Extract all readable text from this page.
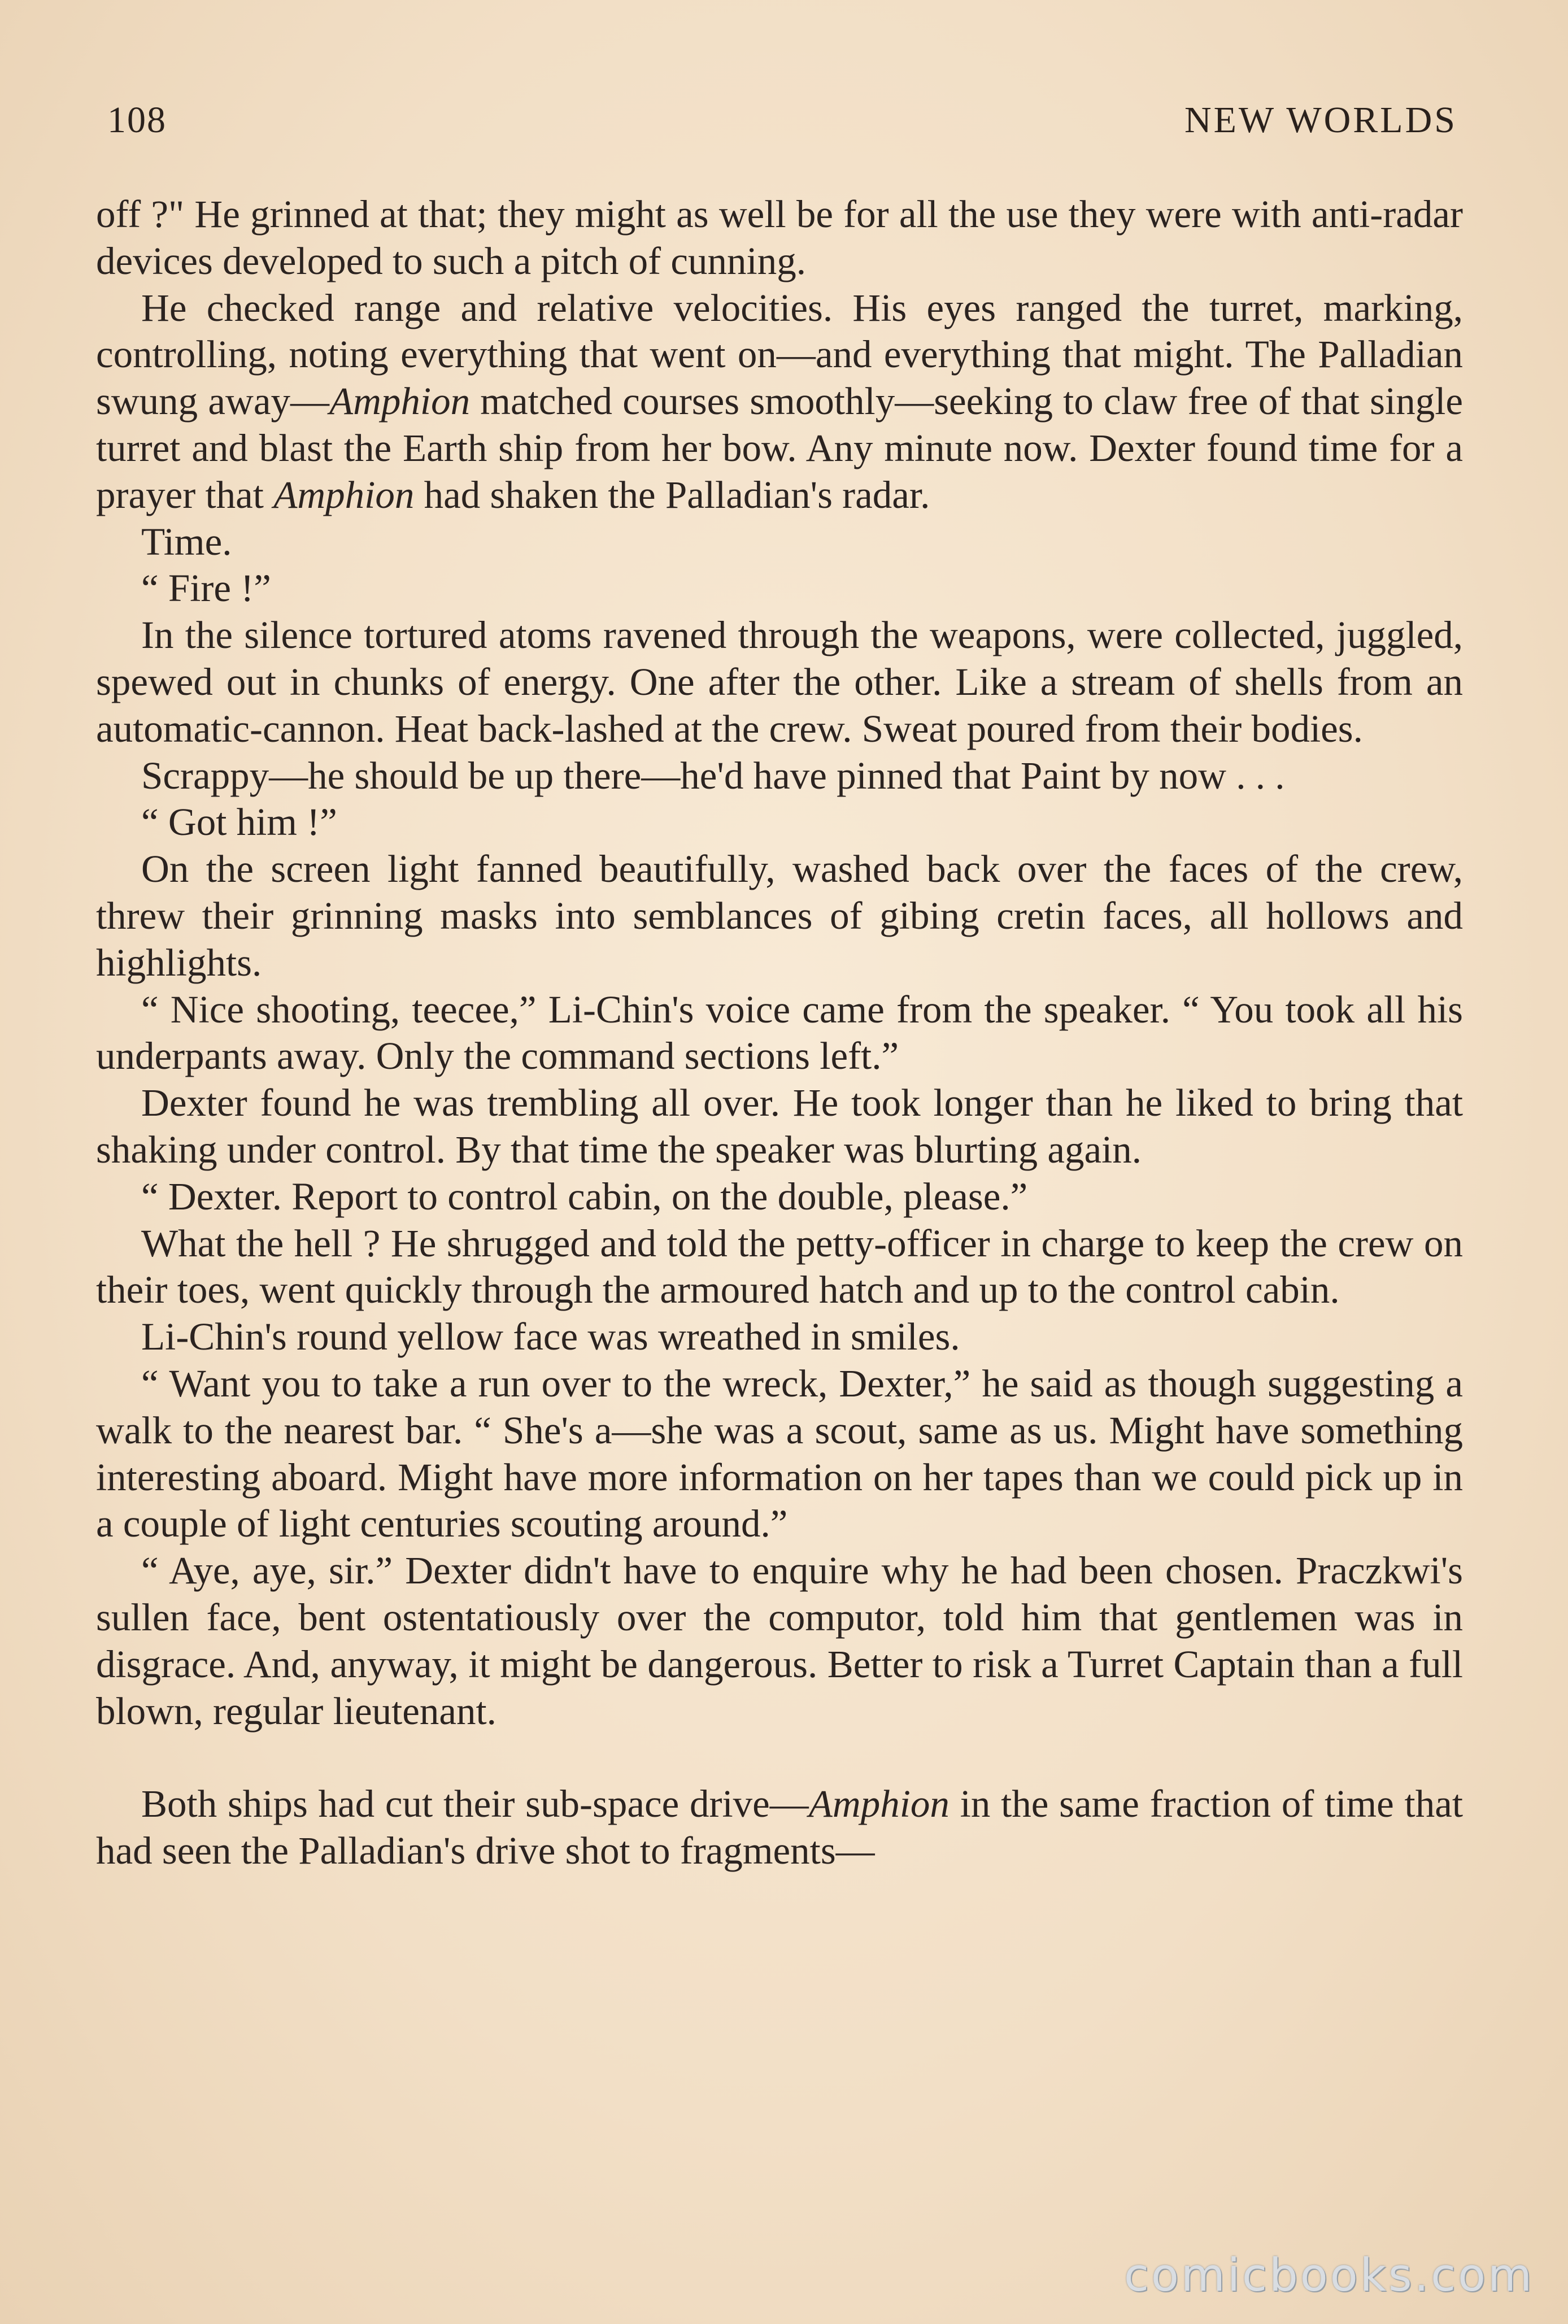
108	NEW WORLDS

off ?" He grinned at that; they might as well be for all the use they were with anti-radar devices developed to such a pitch of cunning.

He checked range and relative velocities. His eyes ranged the turret, marking, controlling, noting everything that went on—and everything that might. The Palladian swung away—Amphion matched courses smoothly—seeking to claw free of that single turret and blast the Earth ship from her bow. Any minute now. Dexter found time for a prayer that Amphion had shaken the Palladian's radar.

Time.

“ Fire !”

In the silence tortured atoms ravened through the weapons, were collected, juggled, spewed out in chunks of energy. One after the other. Like a stream of shells from an automatic-cannon. Heat back-lashed at the crew. Sweat poured from their bodies.

Scrappy—he should be up there—he'd have pinned that Paint by now . . .

“ Got him !”

On the screen light fanned beautifully, washed back over the faces of the crew, threw their grinning masks into semblances of gibing cretin faces, all hollows and highlights.

“ Nice shooting, teecee,” Li-Chin's voice came from the speaker. “ You took all his underpants away. Only the command sections left.”

Dexter found he was trembling all over. He took longer than he liked to bring that shaking under control. By that time the speaker was blurting again.

“ Dexter. Report to control cabin, on the double, please.”

What the hell ? He shrugged and told the petty-officer in charge to keep the crew on their toes, went quickly through the armoured hatch and up to the control cabin.

Li-Chin's round yellow face was wreathed in smiles.

“ Want you to take a run over to the wreck, Dexter,” he said as though suggesting a walk to the nearest bar. “ She's a—she was a scout, same as us. Might have something interesting aboard. Might have more information on her tapes than we could pick up in a couple of light centuries scouting around.”

“ Aye, aye, sir.” Dexter didn't have to enquire why he had been chosen. Praczkwi's sullen face, bent ostentatiously over the computor, told him that gentlemen was in disgrace. And, anyway, it might be dangerous. Better to risk a Turret Captain than a full blown, regular lieutenant.

Both ships had cut their sub-space drive—Amphion in the same fraction of time that had seen the Palladian's drive shot to fragments—

comicbooks.com
